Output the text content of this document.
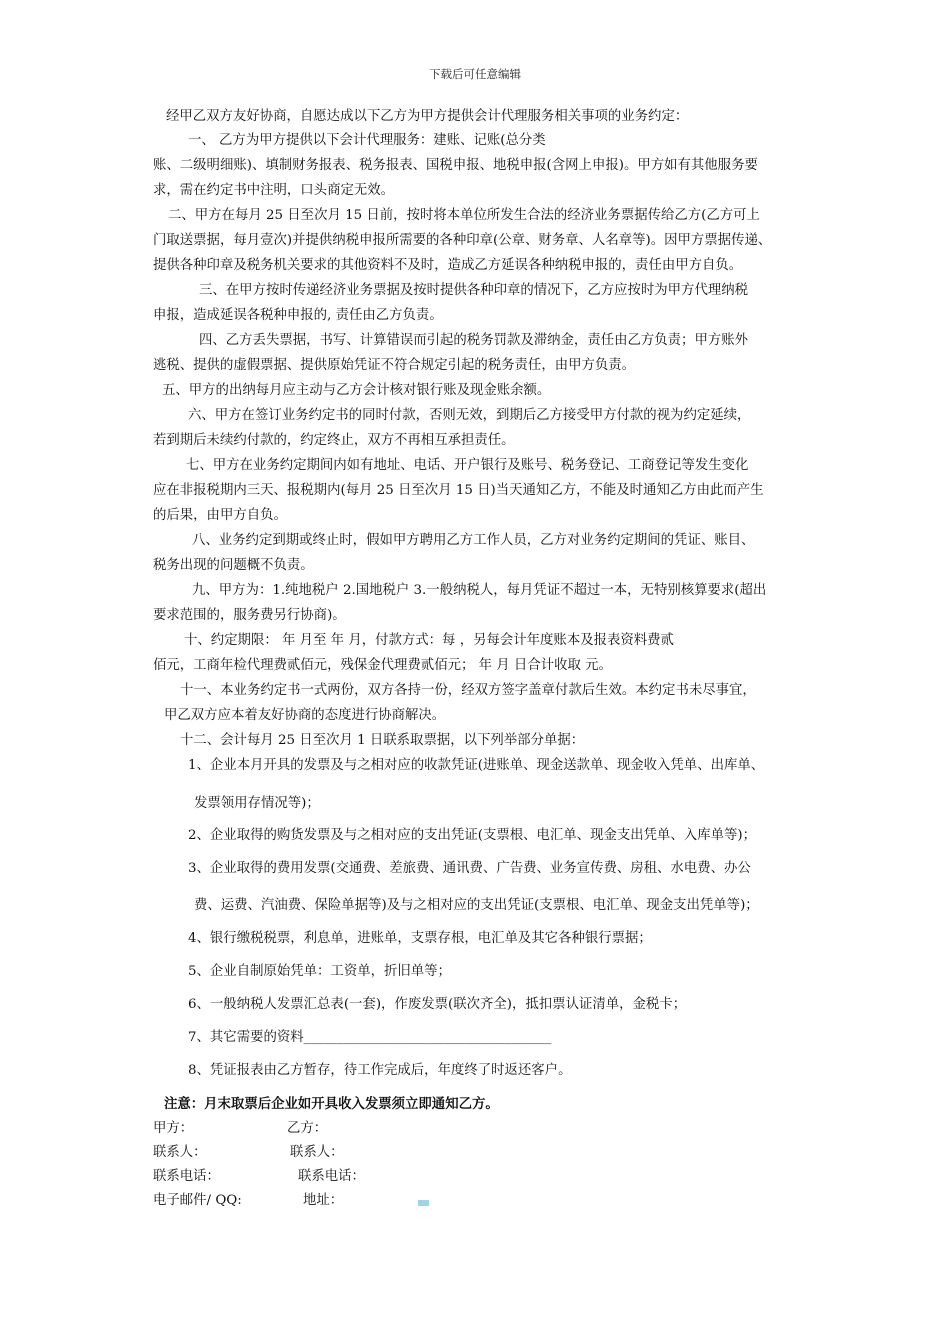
下载后可任意编辑
经甲乙双方友好协商，自愿达成以下乙方为甲方提供会计代理服务相关事项的业务约定：
一、 乙方为甲方提供以下会计代理服务：建账、记账(总分类
账、二级明细账)、填制财务报表、税务报表、国税申报、地税申报(含网上申报)。甲方如有其他服务要
求，需在约定书中注明，口头商定无效。
二、甲方在每月 25 日至次月 15 日前，按时将本单位所发生合法的经济业务票据传给乙方(乙方可上
门取送票据，每月壹次)并提供纳税申报所需要的各种印章(公章、财务章、人名章等)。因甲方票据传递、
提供各种印章及税务机关要求的其他资料不及时，造成乙方延误各种纳税申报的，责任由甲方自负。
三、在甲方按时传递经济业务票据及按时提供各种印章的情况下，乙方应按时为甲方代理纳税
申报，造成延误各税种申报的, 责任由乙方负责。
四、乙方丢失票据，书写、计算错误而引起的税务罚款及滞纳金，责任由乙方负责；甲方账外
逃税、提供的虚假票据、提供原始凭证不符合规定引起的税务责任，由甲方负责。
五、甲方的出纳每月应主动与乙方会计核对银行账及现金账余额。
六、甲方在签订业务约定书的同时付款，否则无效，到期后乙方接受甲方付款的视为约定延续，
若到期后未续约付款的，约定终止，双方不再相互承担责任。
七、甲方在业务约定期间内如有地址、电话、开户银行及账号、税务登记、工商登记等发生变化
应在非报税期内三天、报税期内(每月 25 日至次月 15 日)当天通知乙方，不能及时通知乙方由此而产生
的后果，由甲方自负。
八、业务约定到期或终止时，假如甲方聘用乙方工作人员，乙方对业务约定期间的凭证、账目、
税务出现的问题概不负责。
九、甲方为：1.纯地税户 2.国地税户 3.一般纳税人，每月凭证不超过一本，无特别核算要求(超出
要求范围的，服务费另行协商)。
十、约定期限： 年 月至 年 月，付款方式：每 ，另每会计年度账本及报表资料费贰
佰元，工商年检代理费贰佰元，残保金代理费贰佰元； 年 月 日合计收取 元。
十一、本业务约定书一式两份，双方各持一份，经双方签字盖章付款后生效。本约定书未尽事宜，
甲乙双方应本着友好协商的态度进行协商解决。
十二、会计每月 25 日至次月 1 日联系取票据，以下列举部分单据：
1、企业本月开具的发票及与之相对应的收款凭证(进账单、现金送款单、现金收入凭单、出库单、
发票领用存情况等)；
2、企业取得的购货发票及与之相对应的支出凭证(支票根、电汇单、现金支出凭单、入库单等)；
3、企业取得的费用发票(交通费、差旅费、通讯费、广告费、业务宣传费、房租、水电费、办公
费、运费、汽油费、保险单据等)及与之相对应的支出凭证(支票根、电汇单、现金支出凭单等)；
4、银行缴税税票，利息单，进账单，支票存根，电汇单及其它各种银行票据；
5、企业自制原始凭单：工资单，折旧单等；
6、一般纳税人发票汇总表(一套)，作废发票(联次齐全)，抵扣票认证清单，金税卡；
7、其它需要的资料_____________________________________
8、凭证报表由乙方暂存，待工作完成后，年度终了时返还客户。
注意：月末取票后企业如开具收入发票须立即通知乙方。
甲方：	乙方：
联系人：	联系人：
联系电话：	联系电话：
电子邮件/ QQ:	地址：
